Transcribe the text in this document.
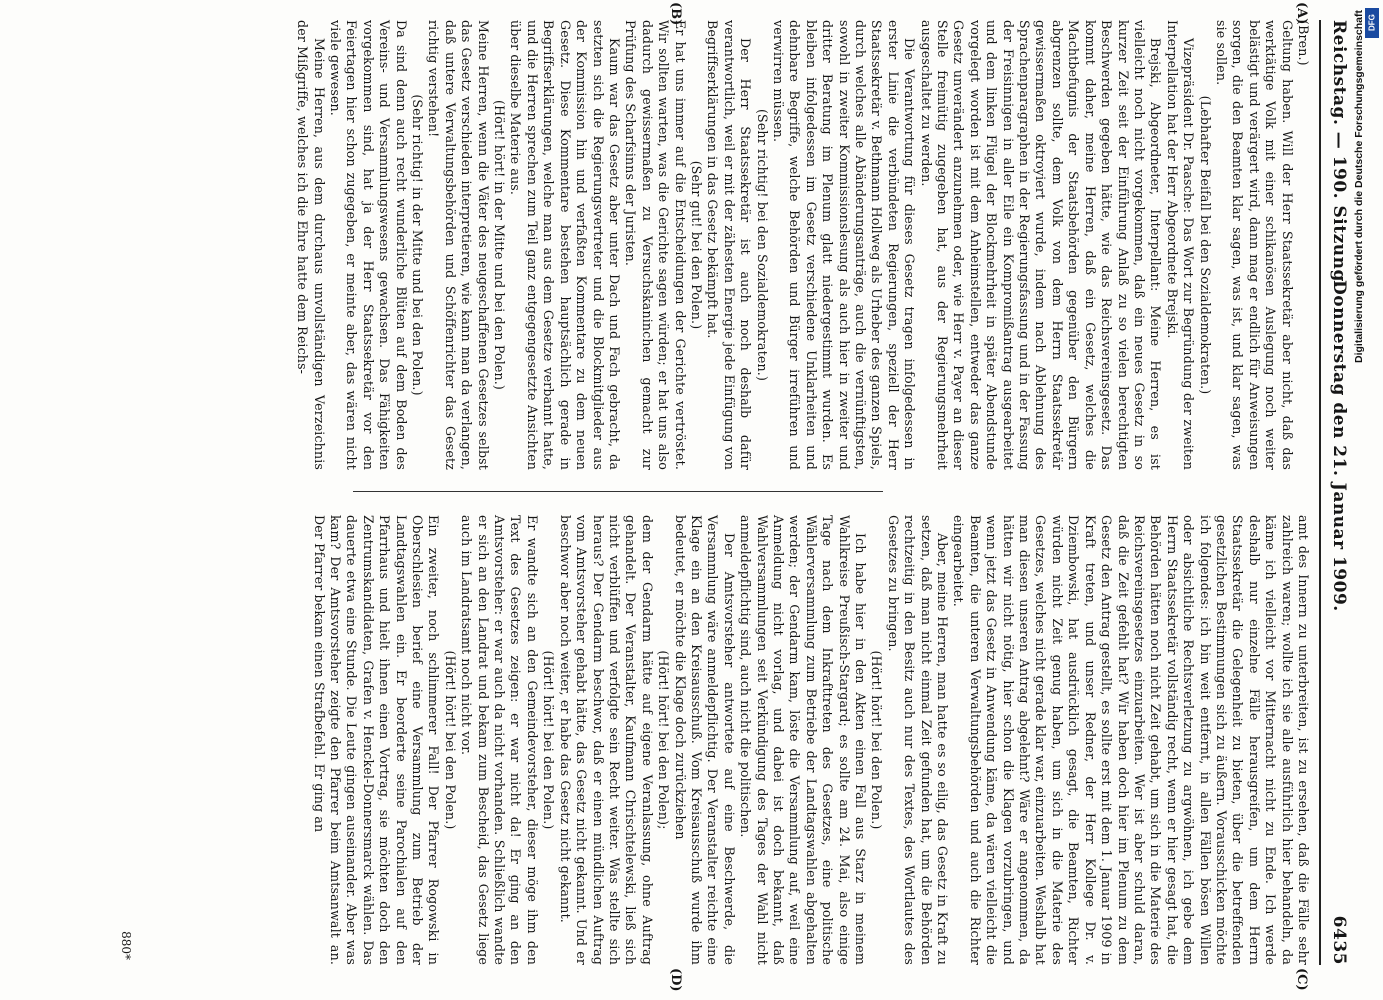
Reichstag. — 190. Sitzung.
Donnerstag den 21. Januar 1909.
6435
(A)
(B)
(C)
(D)

(Bren.)

Geltung haben. Will der Herr Staatssekretär aber nicht, daß das werktätige Volk mit einer schikanösen Auslegung noch weiter belästigt und verärgert wird, dann mag er endlich für Anweisungen sorgen, die den Beamten klar sagen, was ist, und klar sagen, was sie sollen.

(Lebhafter Beifall bei den Sozialdemokraten.)

Vizepräsident Dr. Paasche: Das Wort zur Begründung der zweiten Interpellation hat der Herr Abgeordnete Brejski.

Brejski, Abgeordneter, Interpellant: Meine Herren, es ist vielleicht noch nicht vorgekommen, daß ein neues Gesetz in so kurzer Zeit seit der Einführung Anlaß zu so vielen berechtigten Beschwerden gegeben hätte, wie das Reichsvereinsgesetz. Das kommt daher, meine Herren, daß ein Gesetz, welches die Machtbefugnis der Staatsbehörden gegenüber den Bürgern abgrenzen sollte, dem Volk von dem Herrn Staatssekretär gewissermaßen oktroyiert wurde, indem nach Ablehnung des Sprachenparagraphen in der Regierungsfassung und in der Fassung der Freisinnigen in aller Eile ein Kompromißantrag ausgearbeitet und dem linken Flügel der Blockmehrheit in später Abendstunde vorgelegt worden ist mit dem Anheimstellen, entweder das ganze Gesetz unverändert anzunehmen oder, wie Herr v. Payer an dieser Stelle freimütig zugegeben hat, aus der Regierungsmehrheit ausgeschaltet zu werden.

Die Verantwortung für dieses Gesetz tragen infolgedessen in erster Linie die verbündeten Regierungen, speziell der Herr Staatssekretär v. Bethmann Hollweg als Urheber des ganzen Spiels, durch welches alle Abänderungsanträge, auch die vernünftigsten, sowohl in zweiter Kommissionslesung als auch hier in zweiter und dritter Beratung im Plenum glatt niedergestimmt wurden. Es bleiben infolgedessen im Gesetz verschiedene Unklarheiten und dehnbare Begriffe, welche Behörden und Bürger irreführen und verwirren müssen.

(Sehr richtig! bei den Sozialdemokraten.)

Der Herr Staatssekretär ist auch noch deshalb dafür verantwortlich, weil er mit der zähesten Energie jede Einfügung von Begriffserklärungen in das Gesetz bekämpft hat.

(Sehr gut! bei den Polen.)

Er hat uns immer auf die Entscheidungen der Gerichte vertröstet. Wir sollten warten, was die Gerichte sagen würden; er hat uns also dadurch gewissermaßen zu Versuchskaninchen gemacht zur Prüfung des Scharfsinns der Juristen.

Kaum war das Gesetz aber unter Dach und Fach gebracht, da setzten sich die Regierungsvertreter und die Blockmitglieder aus der Kommission hin und verfaßten Kommentare zu dem neuen Gesetz. Diese Kommentare bestehen hauptsächlich gerade in Begriffserklärungen, welche man aus dem Gesetze verbannt hatte, und die Herren sprechen zum Teil ganz entgegengesetzte Ansichten über dieselbe Materie aus.

(Hört! hört! in der Mitte und bei den Polen.)

Meine Herren, wenn die Väter des neugeschaffenen Gesetzes selbst das Gesetz verschieden interpretieren, wie kann man da verlangen, daß untere Verwaltungsbehörden und Schöffenrichter das Gesetz richtig verstehen!

(Sehr richtig! in der Mitte und bei den Polen.)

Da sind denn auch recht wunderliche Blüten auf dem Boden des Vereins- und Versammlungswesens gewachsen. Das Fähigkeiten vorgekommen sind, hat ja der Herr Staatssekretär vor den Feiertagen hier schon zugegeben, er meinte aber, das wären nicht viele gewesen.

Meine Herren, aus dem durchaus unvollständigen Verzeichnis der Mißgriffe, welches ich die Ehre hatte dem Reichs-

amt des Innern zu unterbreiten, ist zu ersehen, daß die Fälle sehr zahlreich waren; wollte ich sie alle ausführlich hier behandeln, da käme ich vielleicht vor Mitternacht nicht zu Ende. Ich werde deshalb nur einzelne Fälle herausgreifen, um dem Herrn Staatssekretär die Gelegenheit zu bieten, über die betreffenden gesetzlichen Bestimmungen sich zu äußern. Vorausschicken möchte ich folgendes: ich bin weit entfernt, in allen Fällen bösen Willen oder absichtliche Rechtsverletzung zu argwöhnen, ich gebe dem Herrn Staatssekretär vollständig recht, wenn er hier gesagt hat, die Behörden hätten noch nicht Zeit gehabt, um sich in die Materie des Reichsvereinsgesetzes einzuarbeiten. Wer ist aber schuld daran, daß die Zeit gefehlt hat? Wir haben doch hier im Plenum zu dem Gesetz den Antrag gestellt, es sollte erst mit dem 1. Januar 1909 in Kraft treten, und unser Redner, der Herr Kollege Dr. v. Dziembowski, hat ausdrücklich gesagt, die Beamten, Richter würden nicht Zeit genug haben, um sich in die Materie des Gesetzes, welches nicht gerade klar war, einzuarbeiten. Weshalb hat man diesen unseren Antrag abgelehnt? Wäre er angenommen, da hätten wir nicht nötig, hier schon die Klagen vorzubringen, und wenn jetzt das Gesetz in Anwendung käme, da wären vielleicht die Beamten, die unteren Verwaltungsbehörden und auch die Richter eingearbeitet.

Aber, meine Herren, man hatte es so eilig, das Gesetz in Kraft zu setzen, daß man nicht einmal Zeit gefunden hat, um die Behörden rechtzeitig in den Besitz auch nur des Textes, des Wortlautes des Gesetzes zu bringen.

(Hört! hört! bei den Polen.)

Ich habe hier in den Akten einen Fall aus Starz in meinem Wahlkreise Preußisch-Stargard; es sollte am 24. Mai, also einige Tage nach dem Inkrafttreten des Gesetzes, eine politische Wählerversammlung zum Betriebe der Landtagswahlen abgehalten werden; der Gendarm kam, löste die Versammlung auf, weil eine Anmeldung nicht vorlag, und dabei ist doch bekannt, daß Wahlversammlungen seit Verkündigung des Tages der Wahl nicht anmeldepflichtig sind, auch nicht die politischen.

Der Amtsvorsteher antwortete auf eine Beschwerde, die Versammlung wäre anmeldepflichtig. Der Veranstalter reichte eine Klage ein an den Kreisausschuß. Vom Kreisausschuß wurde ihm bedeutet, er möchte die Klage doch zurückziehen

(Hört! hört! bei den Polen);

dem der Gendarm hätte auf eigene Veranlassung, ohne Auftrag gehandelt. Der Veranstalter, Kaufmann Chrischtelewski, ließ sich nicht verblüffen und verfolgte sein Recht weiter. Was stellte sich heraus? Der Gendarm beschwor, daß er einen mündlichen Auftrag vom Amtsvorsteher gehabt hätte, das Gesetz nicht gekannt. Und er beschwor aber noch weiter, er habe das Gesetz nicht gekannt.

(Hört! hört! bei den Polen.)

Er wandte sich an den Gemeindevorsteher, dieser möge ihm den Text des Gesetzes zeigen: er war nicht da! Er ging an den Amtsvorsteher: er war auch da nicht vorhanden. Schließlich wandte er sich an den Landrat und bekam zum Bescheid, das Gesetz liege auch im Landratsamt noch nicht vor.

(Hört! hört! bei den Polen.)

Ein zweiter, noch schlimmerer Fall! Der Pfarrer Rogowski in Oberschlesien berief eine Versammlung zum Betrieb der Landtagswahlen ein. Er beorderte seine Parochialen auf den Pfarrhaus und hielt ihnen einen Vortrag, sie möchten doch den Zentrumskandidaten, Grafen v. Henckel-Donnersmarck wählen. Das dauerte etwa eine Stunde. Die Leute gingen auseinander. Aber was kam? Der Amtsvorsteher zeigte den Pfarrer beim Amtsanwalt an. Der Pfarrer bekam einen Strafbefehl. Er ging an

880*
Digitalisierung gefördert durch die Deutsche Forschungsgemeinschaft DFG
